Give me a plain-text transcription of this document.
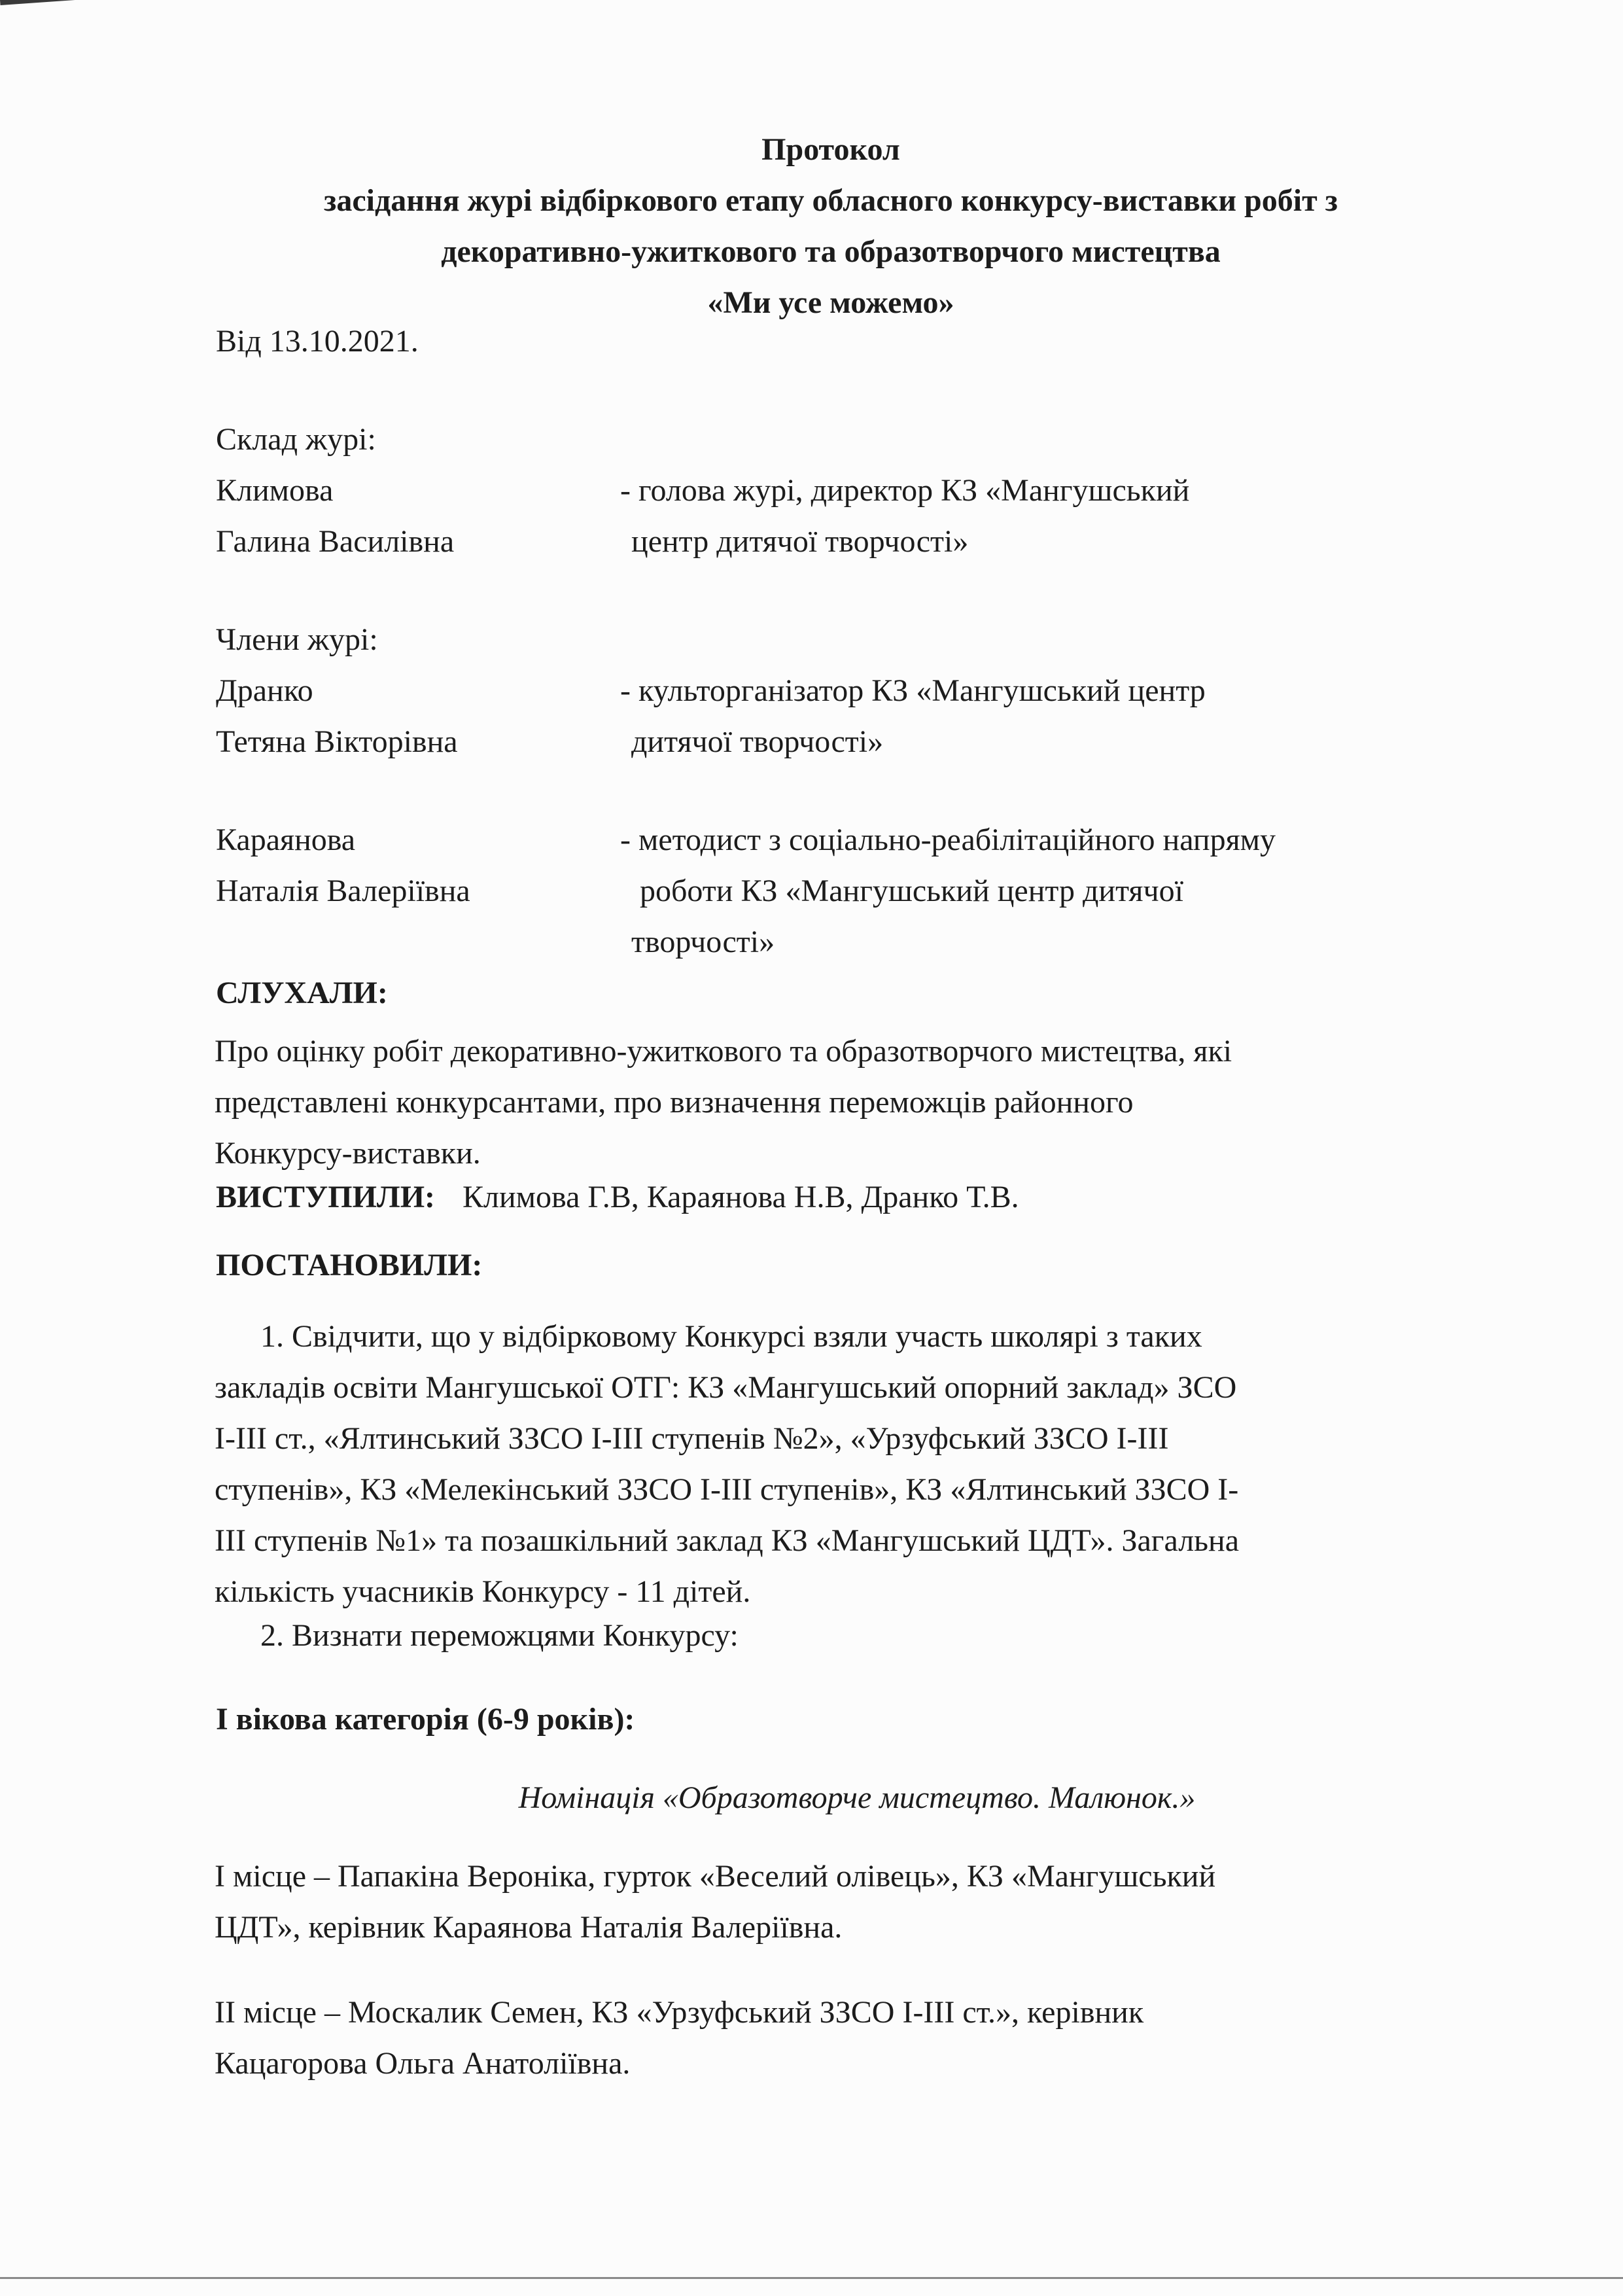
Протокол
засідання журі відбіркового етапу обласного конкурсу-виставки робіт з
декоративно-ужиткового та образотворчого мистецтва
«Ми усе можемо»
Від 13.10.2021.
Склад журі:
Климова
Галина Василівна
- голова журі, директор КЗ «Мангушський
центр дитячої творчості»
Члени журі:
Дранко
Тетяна Вікторівна
- культорганізатор КЗ «Мангушський центр
дитячої творчості»
Караянова
Наталія Валеріївна
- методист з соціально-реабілітаційного напряму
роботи КЗ «Мангушський центр дитячої
творчості»
СЛУХАЛИ:
Про оцінку робіт декоративно-ужиткового та образотворчого мистецтва, які
представлені конкурсантами, про визначення переможців районного
Конкурсу-виставки.
ВИСТУПИЛИ: Климова Г.В, Караянова Н.В, Дранко Т.В.
ПОСТАНОВИЛИ:
1. Свідчити, що у відбірковому Конкурсі взяли участь школярі з таких
закладів освіти Мангушської ОТГ: КЗ «Мангушський опорний заклад» ЗСО
І-ІІІ ст., «Ялтинський ЗЗСО І-ІІІ ступенів №2», «Урзуфський ЗЗСО І-ІІІ
ступенів», КЗ «Мелекінський ЗЗСО І-ІІІ ступенів», КЗ «Ялтинський ЗЗСО І-
ІІІ ступенів №1» та позашкільний заклад КЗ «Мангушський ЦДТ». Загальна
кількість учасників Конкурсу - 11 дітей.
2. Визнати переможцями Конкурсу:
І вікова категорія (6-9 років):
Номінація «Образотворче мистецтво. Малюнок.»
І місце – Папакіна Вероніка, гурток «Веселий олівець», КЗ «Мангушський
ЦДТ», керівник Караянова Наталія Валеріївна.
ІІ місце – Москалик Семен, КЗ «Урзуфський ЗЗСО І-ІІІ ст.», керівник
Кацагорова Ольга Анатоліївна.
